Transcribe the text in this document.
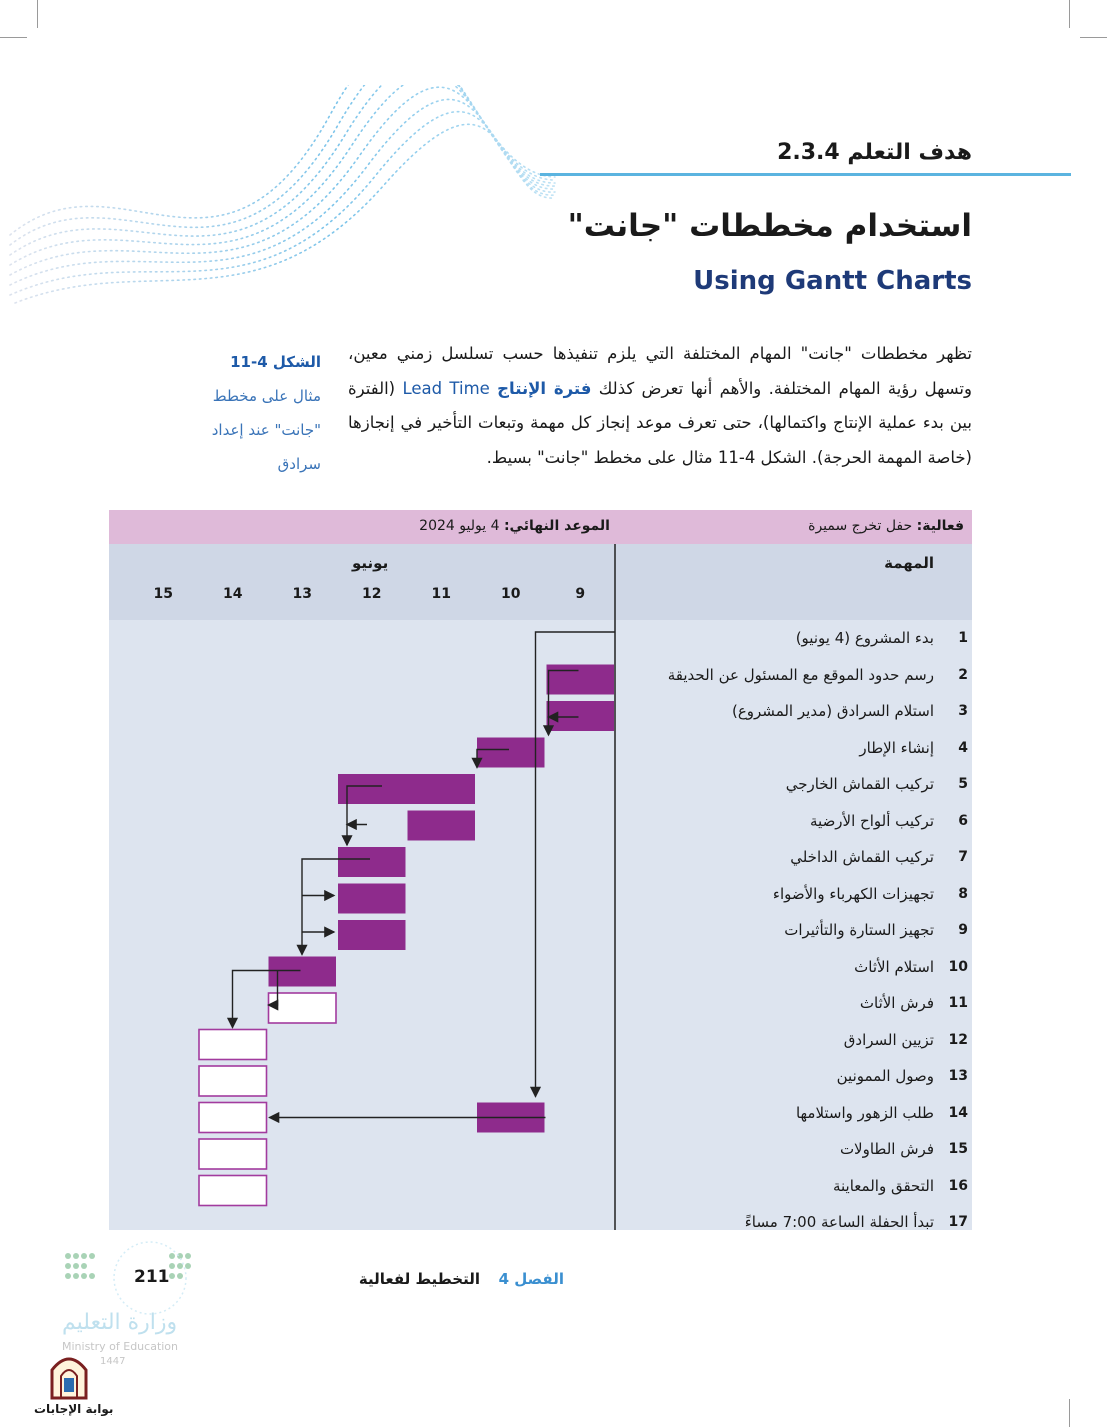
هدف التعلم 2.3.4
استخدام مخططات "جانت"
Using Gantt Charts
الشكل 4-11
مثال على مخطط "جانت" عند إعداد سرادق
تظهر مخططات "جانت" المهام المختلفة التي يلزم تنفيذها حسب تسلسل زمني معين، وتسهل رؤية المهام المختلفة. والأهم أنها تعرض كذلك فترة الإنتاج Lead Time (الفترة بين بدء عملية الإنتاج واكتمالها)، حتى تعرف موعد إنجاز كل مهمة وتبعات التأخير في إنجازها (خاصة المهمة الحرجة). الشكل 4-11 مثال على مخطط "جانت" بسيط.
فعالية: حفل تخرج سميرة
الموعد النهائي: 4 يوليو 2024
المهمة
يونيو
9
10
11
12
13
14
15
1
بدء المشروع (4 يونيو)
2
رسم حدود الموقع مع المسئول عن الحديقة
3
استلام السرادق (مدير المشروع)
4
إنشاء الإطار
5
تركيب القماش الخارجي
6
تركيب ألواح الأرضية
7
تركيب القماش الداخلي
8
تجهيزات الكهرباء والأضواء
9
تجهيز الستارة والتأثيرات
10
استلام الأثاث
11
فرش الأثاث
12
تزيين السرادق
13
وصول الممونين
14
طلب الزهور واستلامها
15
فرش الطاولات
16
التحقق والمعاينة
17
تبدأ الحفلة الساعة 7:00 مساءً
211	الفصل 4
التخطيط لفعالية
وزارة التعليم
Ministry of Education
1447
بوابة الإجابات
